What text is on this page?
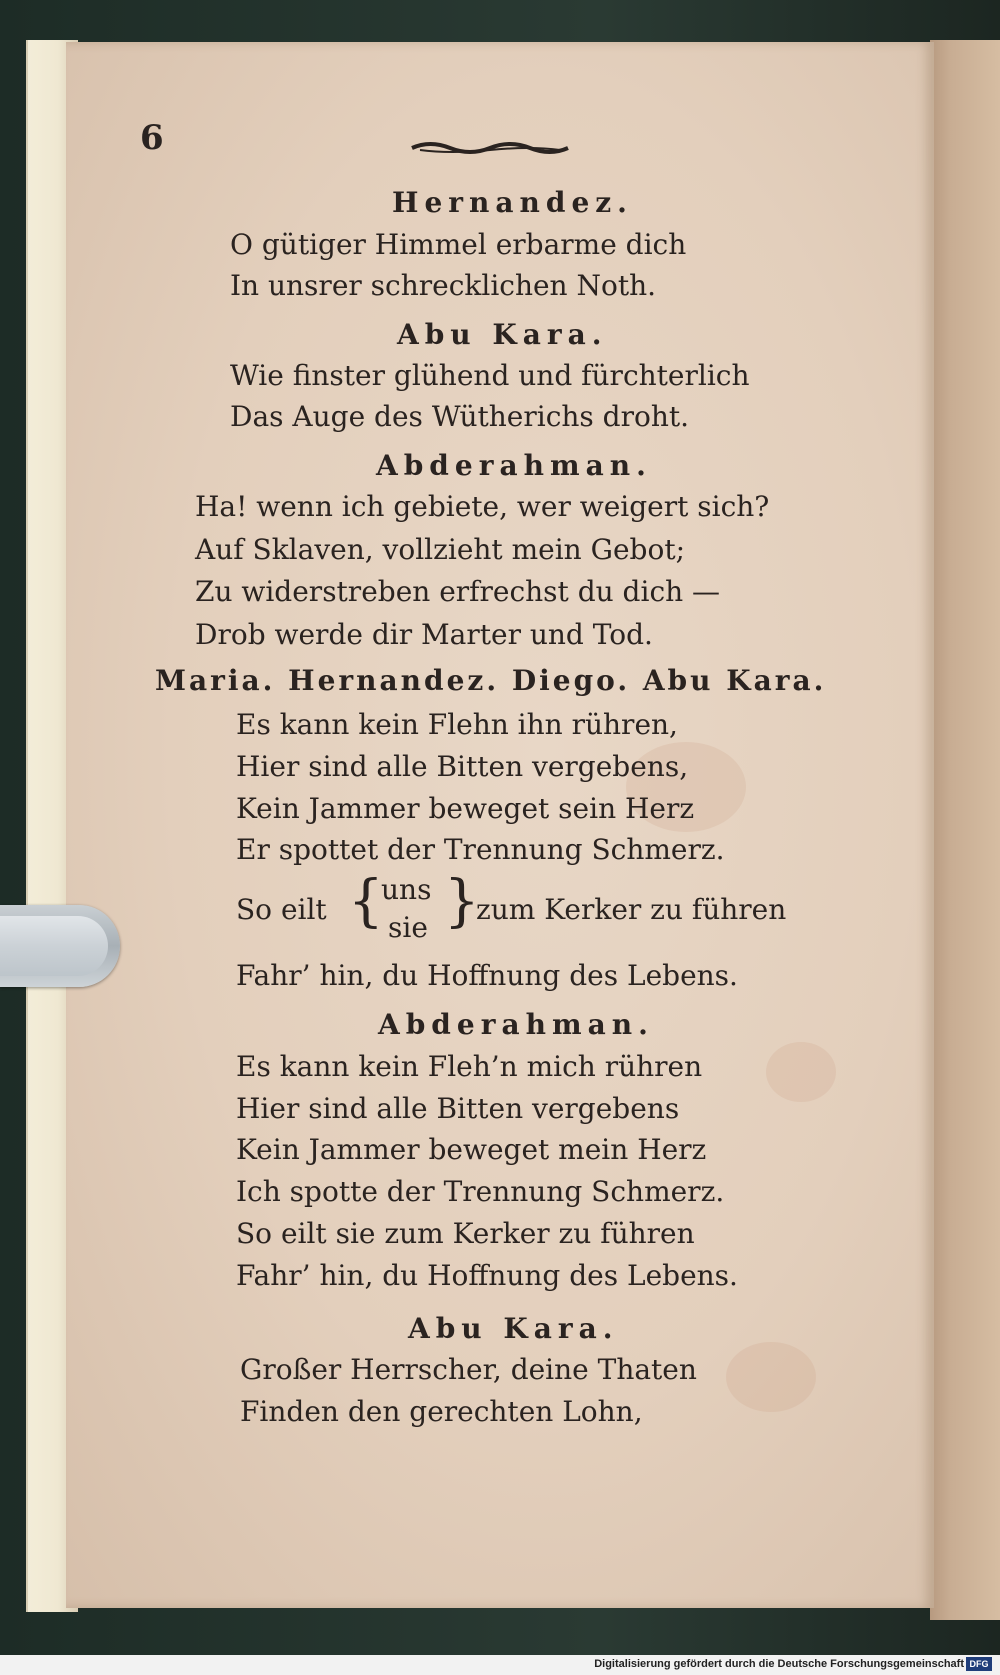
6
Hernandez.
O gütiger Himmel erbarme dich
In unsrer schrecklichen Noth.
Abu Kara.
Wie finster glühend und fürchterlich
Das Auge des Wütherichs droht.
Abderahman.
Ha! wenn ich gebiete, wer weigert sich?
Auf Sklaven, vollzieht mein Gebot;
Zu widerstreben erfrechst du dich —
Drob werde dir Marter und Tod.
Maria. Hernandez. Diego. Abu Kara.
Es kann kein Flehn ihn rühren,
Hier sind alle Bitten vergebens,
Kein Jammer beweget sein Herz
Er spottet der Trennung Schmerz.
So eilt {
uns
sie }
zum Kerker zu führen
Fahr’ hin, du Hoffnung des Lebens.
Abderahman.
Es kann kein Fleh’n mich rühren
Hier sind alle Bitten vergebens
Kein Jammer beweget mein Herz
Ich spotte der Trennung Schmerz.
So eilt sie zum Kerker zu führen
Fahr’ hin, du Hoffnung des Lebens.
Abu Kara.
Großer Herrscher, deine Thaten
Finden den gerechten Lohn,
Digitalisierung gefördert durch die Deutsche Forschungsgemeinschaft DFG
